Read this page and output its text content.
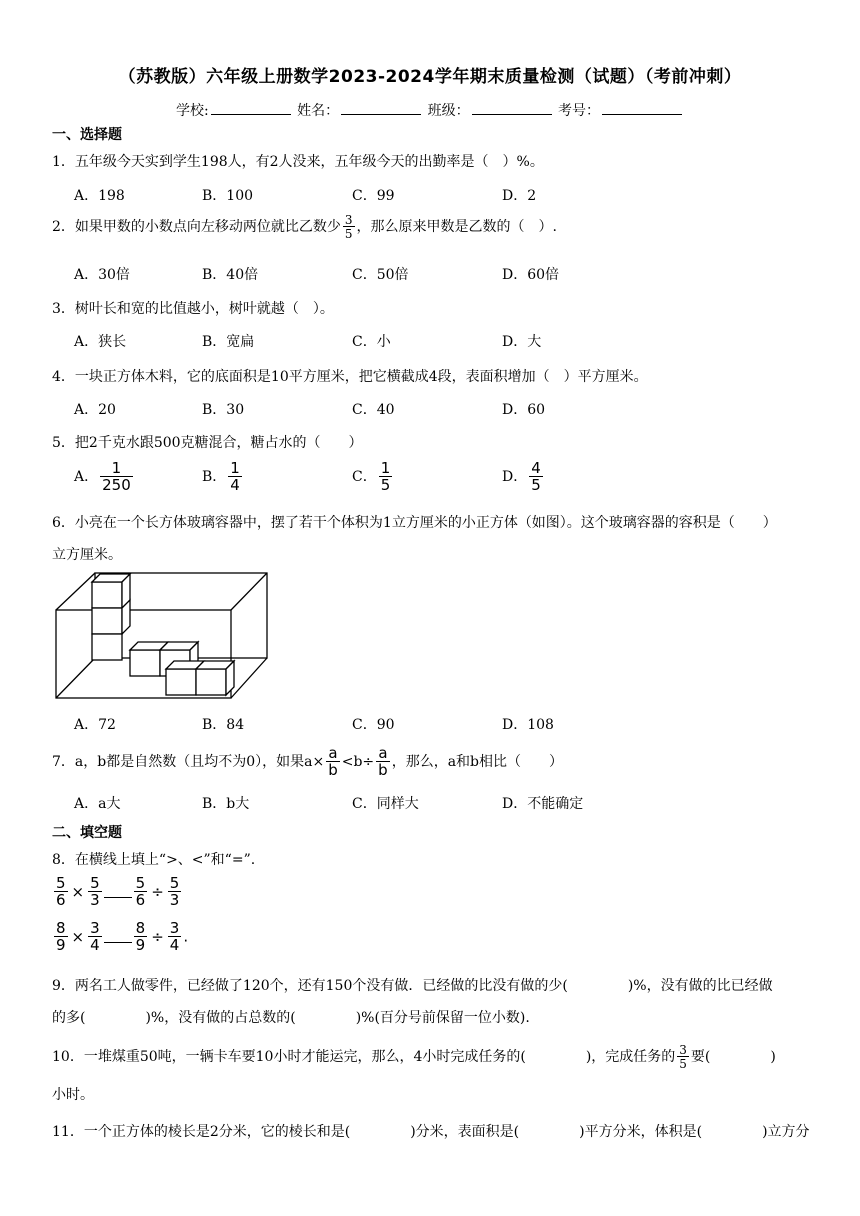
（苏教版）六年级上册数学2023-2024学年期末质量检测（试题）（考前冲刺）
学校:	姓名：	班级：	考号：
一、选择题
1．五年级今天实到学生198人，有2人没来，五年级今天的出勤率是（　）%。
A．198	B．100	C．99	D．2
2．如果甲数的小数点向左移动两位就比乙数少 $\frac{3}{5}$ ，那么原来甲数是乙数的（　）.
A．30倍	B．40倍	C．50倍	D．60倍
3．树叶长和宽的比值越小，树叶就越（　）。
A．狭长	B．宽扁	C．小	D．大
4．一块正方体木料，它的底面积是10平方厘米，把它横截成4段，表面积增加（　）平方厘米。
A．20	B．30	C．40	D．60
5．把2千克水跟500克糖混合，糖占水的（　　）
A． $\frac{1}{250}$	B． $\frac{1}{4}$	C． $\frac{1}{5}$	D． $\frac{4}{5}$
6．小亮在一个长方体玻璃容器中，摆了若干个体积为1立方厘米的小正方体（如图）。这个玻璃容器的容积是（　　）
立方厘米。
A．72	B．84	C．90	D．108
7．a，b都是自然数（且均不为0），如果$a\times \frac{a}{b} <b\div \frac{a}{b}$ ，那么，a和b相比（　　）
A．a大	B．b大	C．同样大	D．不能确定
二、填空题
8．在横线上填上“>、<”和“=”.
$\frac{5}{6} \times \frac{5}{3} \frac{5}{6} \div \frac{5}{3}$
$\frac{8}{9} \times \frac{3}{4} \frac{8}{9} \div \frac{3}{4}$ .
9．两名工人做零件，已经做了120个，还有150个没有做．已经做的比没有做的少(	)%，没有做的比已经做
的多(	)%，没有做的占总数的(	)%(百分号前保留一位小数).
10．一堆煤重50吨，一辆卡车要10小时才能运完，那么，4小时完成任务的(	)，完成任务的 $\frac{3}{5}$ 要(	)
小时。
11．一个正方体的棱长是2分米，它的棱长和是(	)分米，表面积是(	)平方分米，体积是(	)立方分
